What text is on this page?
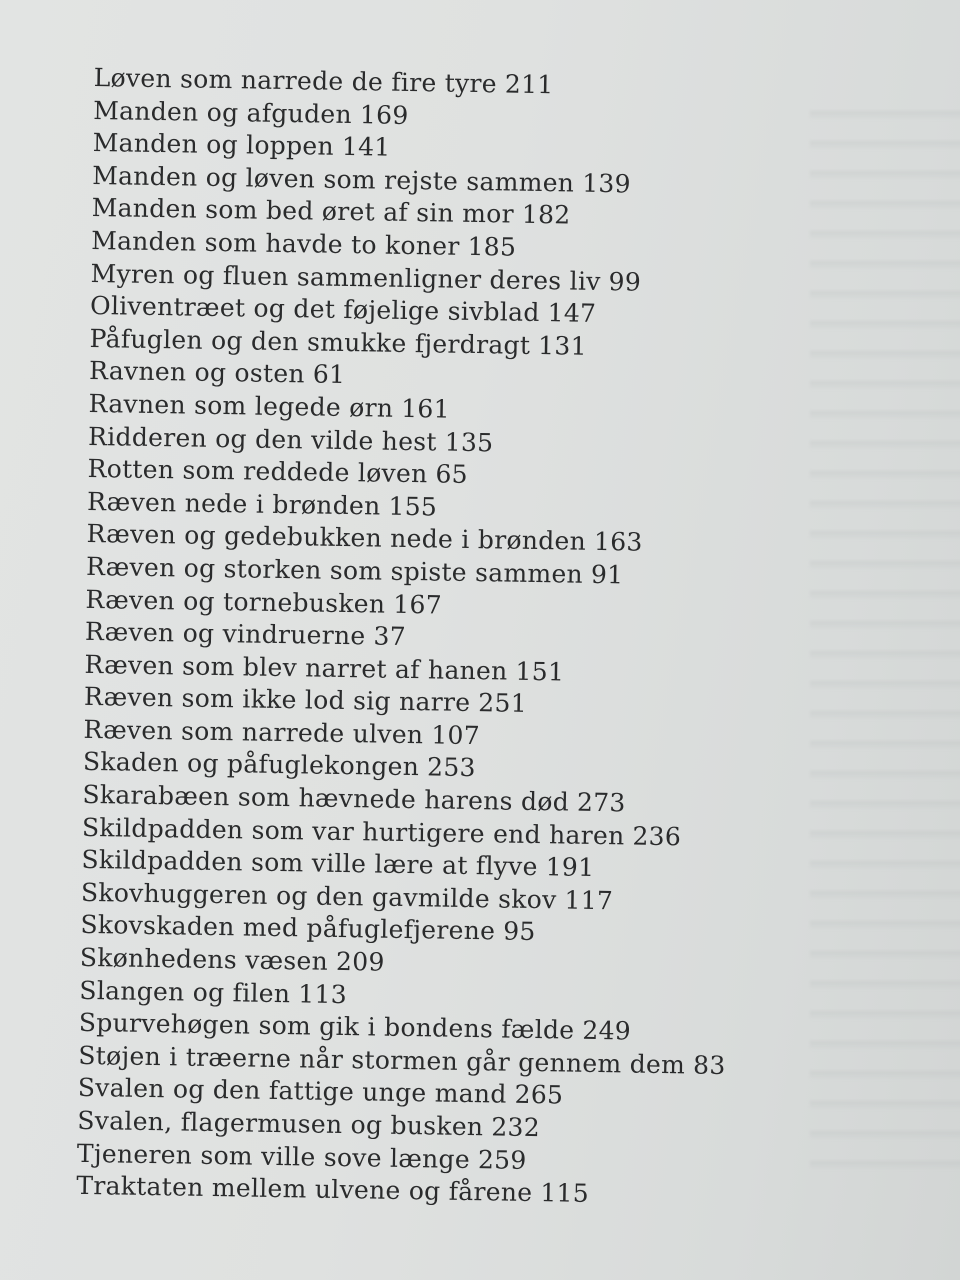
Løven som narrede de fire tyre 211
Manden og afguden 169
Manden og loppen 141
Manden og løven som rejste sammen 139
Manden som bed øret af sin mor 182
Manden som havde to koner 185
Myren og fluen sammenligner deres liv 99
Oliventræet og det føjelige sivblad 147
Påfuglen og den smukke fjerdragt 131
Ravnen og osten 61
Ravnen som legede ørn 161
Ridderen og den vilde hest 135
Rotten som reddede løven 65
Ræven nede i brønden 155
Ræven og gedebukken nede i brønden 163
Ræven og storken som spiste sammen 91
Ræven og tornebusken 167
Ræven og vindruerne 37
Ræven som blev narret af hanen 151
Ræven som ikke lod sig narre 251
Ræven som narrede ulven 107
Skaden og påfuglekongen 253
Skarabæen som hævnede harens død 273
Skildpadden som var hurtigere end haren 236
Skildpadden som ville lære at flyve 191
Skovhuggeren og den gavmilde skov 117
Skovskaden med påfuglefjerene 95
Skønhedens væsen 209
Slangen og filen 113
Spurvehøgen som gik i bondens fælde 249
Støjen i træerne når stormen går gennem dem 83
Svalen og den fattige unge mand 265
Svalen, flagermusen og busken 232
Tjeneren som ville sove længe 259
Traktaten mellem ulvene og fårene 115
